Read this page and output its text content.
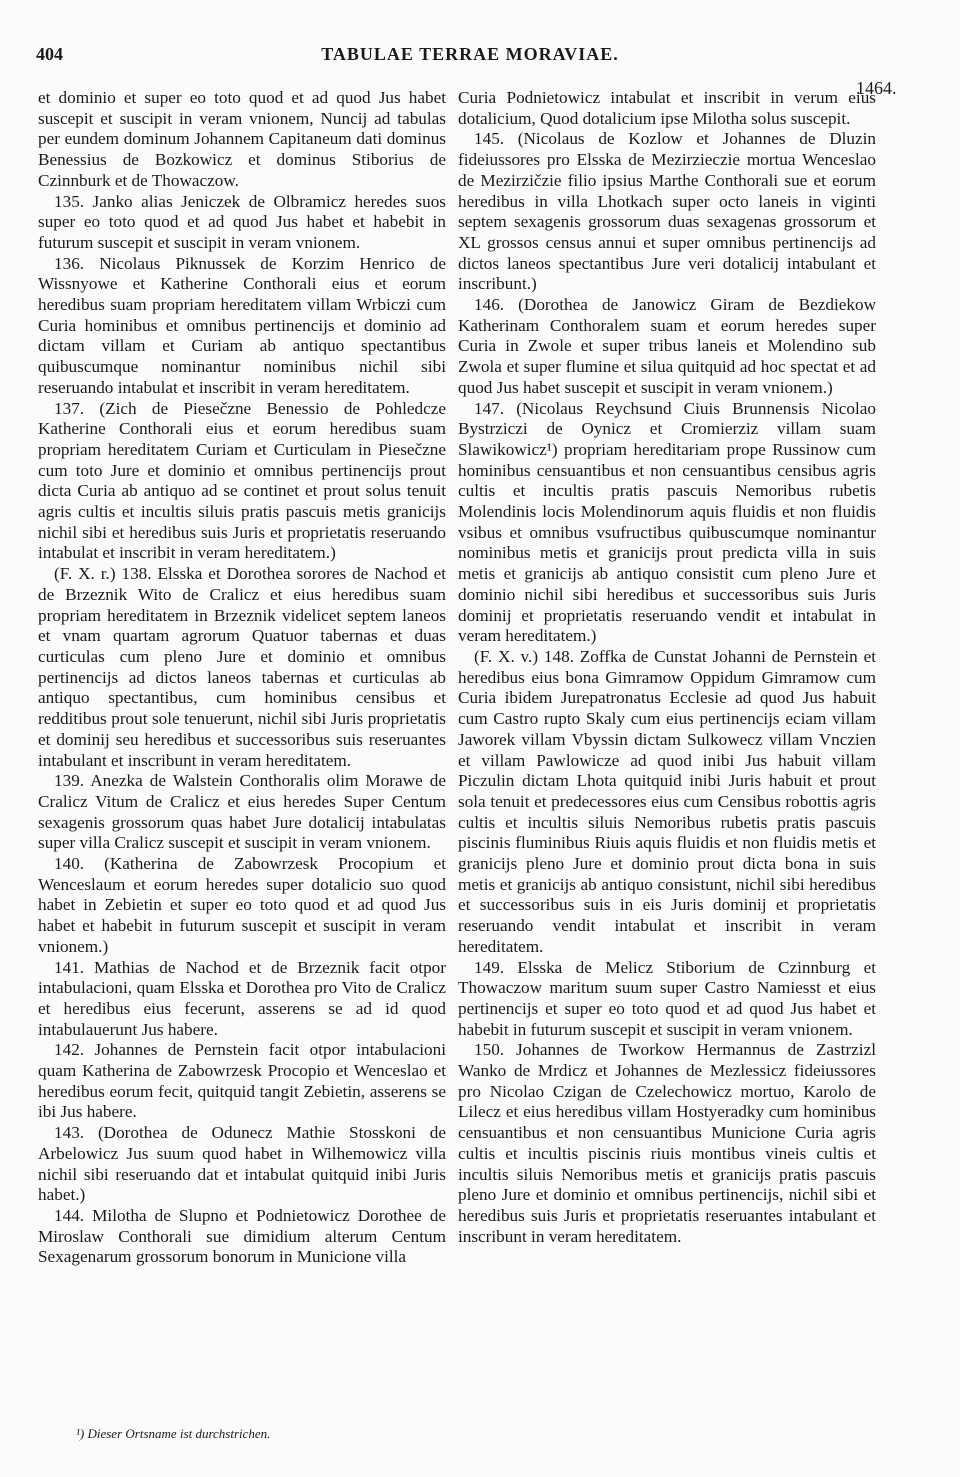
404	TABULAE TERRAE MORAVIAE.
1464.

et dominio et super eo toto quod et ad quod Jus habet suscepit et suscipit in veram vnionem, Nuncij ad tabulas per eundem dominum Johannem Capitaneum dati dominus Benessius de Bozkowicz et dominus Stiborius de Czinnburk et de Thowaczow.

135. Janko alias Jeniczek de Olbramicz heredes suos super eo toto quod et ad quod Jus habet et habebit in futurum suscepit et suscipit in veram vnionem.

136. Nicolaus Piknussek de Korzim Henrico de Wissnyowe et Katherine Conthorali eius et eorum heredibus suam propriam hereditatem villam Wrbiczi cum Curia hominibus et omnibus pertinencijs et dominio ad dictam villam et Curiam ab antiquo spectantibus quibuscumque nominantur nominibus nichil sibi reseruando intabulat et inscribit in veram hereditatem.

137. (Zich de Piesečzne Benessio de Pohledcze Katherine Conthorali eius et eorum heredibus suam propriam hereditatem Curiam et Curticulam in Piesečzne cum toto Jure et dominio et omnibus pertinencijs prout dicta Curia ab antiquo ad se continet et prout solus tenuit agris cultis et incultis siluis pratis pascuis metis granicijs nichil sibi et heredibus suis Juris et proprietatis reseruando intabulat et inscribit in veram hereditatem.)

(F. X. r.) 138. Elsska et Dorothea sorores de Nachod et de Brzeznik Wito de Cralicz et eius heredibus suam propriam hereditatem in Brzeznik videlicet septem laneos et vnam quartam agrorum Quatuor tabernas et duas curticulas cum pleno Jure et dominio et omnibus pertinencijs ad dictos laneos tabernas et curticulas ab antiquo spectantibus, cum hominibus censibus et redditibus prout sole tenuerunt, nichil sibi Juris proprietatis et dominij seu heredibus et successoribus suis reseruantes intabulant et inscribunt in veram hereditatem.

139. Anezka de Walstein Conthoralis olim Morawe de Cralicz Vitum de Cralicz et eius heredes Super Centum sexagenis grossorum quas habet Jure dotalicij intabulatas super villa Cralicz suscepit et suscipit in veram vnionem.

140. (Katherina de Zabowrzesk Procopium et Wenceslaum et eorum heredes super dotalicio suo quod habet in Zebietin et super eo toto quod et ad quod Jus habet et habebit in futurum suscepit et suscipit in veram vnionem.)

141. Mathias de Nachod et de Brzeznik facit otpor intabulacioni, quam Elsska et Dorothea pro Vito de Cralicz et heredibus eius fecerunt, asserens se ad id quod intabulauerunt Jus habere.

142. Johannes de Pernstein facit otpor intabulacioni quam Katherina de Zabowrzesk Procopio et Wenceslao et heredibus eorum fecit, quitquid tangit Zebietin, asserens se ibi Jus habere.

143. (Dorothea de Odunecz Mathie Stosskoni de Arbelowicz Jus suum quod habet in Wilhemowicz villa nichil sibi reseruando dat et intabulat quitquid inibi Juris habet.)

144. Milotha de Slupno et Podnietowicz Dorothee de Miroslaw Conthorali sue dimidium alterum Centum Sexagenarum grossorum bonorum in Municione villa

Curia Podnietowicz intabulat et inscribit in verum eius dotalicium, Quod dotalicium ipse Milotha solus suscepit.

145. (Nicolaus de Kozlow et Johannes de Dluzin fideiussores pro Elsska de Mezirzieczie mortua Wenceslao de Mezirzičzie filio ipsius Marthe Conthorali sue et eorum heredibus in villa Lhotkach super octo laneis in viginti septem sexagenis grossorum duas sexagenas grossorum et XL grossos census annui et super omnibus pertinencijs ad dictos laneos spectantibus Jure veri dotalicij intabulant et inscribunt.)

146. (Dorothea de Janowicz Giram de Bezdiekow Katherinam Conthoralem suam et eorum heredes super Curia in Zwole et super tribus laneis et Molendino sub Zwola et super flumine et silua quitquid ad hoc spectat et ad quod Jus habet suscepit et suscipit in veram vnionem.)

147. (Nicolaus Reychsund Ciuis Brunnensis Nicolao Bystrziczi de Oynicz et Cromierziz villam suam Slawikowicz¹) propriam hereditariam prope Russinow cum hominibus censuantibus et non censuantibus censibus agris cultis et incultis pratis pascuis Nemoribus rubetis Molendinis locis Molendinorum aquis fluidis et non fluidis vsibus et omnibus vsufructibus quibuscumque nominantur nominibus metis et granicijs prout predicta villa in suis metis et granicijs ab antiquo consistit cum pleno Jure et dominio nichil sibi heredibus et successoribus suis Juris dominij et proprietatis reseruando vendit et intabulat in veram hereditatem.)

(F. X. v.) 148. Zoffka de Cunstat Johanni de Pernstein et heredibus eius bona Gimramow Oppidum Gimramow cum Curia ibidem Jurepatronatus Ecclesie ad quod Jus habuit cum Castro rupto Skaly cum eius pertinencijs eciam villam Jaworek villam Vbyssin dictam Sulkowecz villam Vnczien et villam Pawlowicze ad quod inibi Jus habuit villam Piczulin dictam Lhota quitquid inibi Juris habuit et prout sola tenuit et predecessores eius cum Censibus robottis agris cultis et incultis siluis Nemoribus rubetis pratis pascuis piscinis fluminibus Riuis aquis fluidis et non fluidis metis et granicijs pleno Jure et dominio prout dicta bona in suis metis et granicijs ab antiquo consistunt, nichil sibi heredibus et successoribus suis in eis Juris dominij et proprietatis reseruando vendit intabulat et inscribit in veram hereditatem.

149. Elsska de Melicz Stiborium de Czinnburg et Thowaczow maritum suum super Castro Namiesst et eius pertinencijs et super eo toto quod et ad quod Jus habet et habebit in futurum suscepit et suscipit in veram vnionem.

150. Johannes de Tworkow Hermannus de Zastrzizl Wanko de Mrdicz et Johannes de Mezlessicz fideiussores pro Nicolao Czigan de Czelechowicz mortuo, Karolo de Lilecz et eius heredibus villam Hostyeradky cum hominibus censuantibus et non censuantibus Municione Curia agris cultis et incultis piscinis riuis montibus vineis cultis et incultis siluis Nemoribus metis et granicijs pratis pascuis pleno Jure et dominio et omnibus pertinencijs, nichil sibi et heredibus suis Juris et proprietatis reseruantes intabulant et inscribunt in veram hereditatem.

¹) Dieser Ortsname ist durchstrichen.
